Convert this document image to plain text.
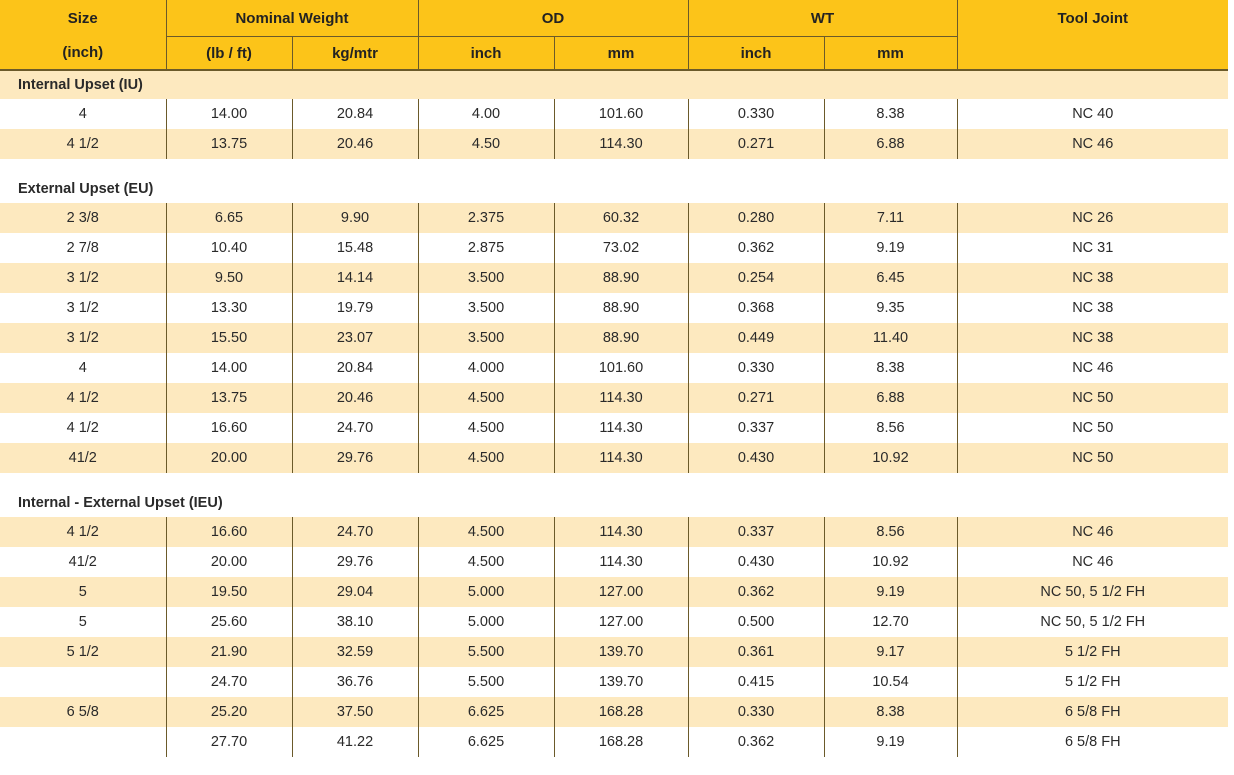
Size	Nominal Weight		OD		WT		Tool Joint
(inch)	(lb / ft)	kg/mtr	inch	mm	inch	mm	
Internal Upset (IU)							
4	14.00	20.84	4.00	101.60	0.330	8.38	NC 40
4 1/2	13.75	20.46	4.50	114.30	0.271	6.88	NC 46

External Upset (EU)							
2 3/8	6.65	9.90	2.375	60.32	0.280	7.11	NC 26
2 7/8	10.40	15.48	2.875	73.02	0.362	9.19	NC 31
3 1/2	9.50	14.14	3.500	88.90	0.254	6.45	NC 38
3 1/2	13.30	19.79	3.500	88.90	0.368	9.35	NC 38
3 1/2	15.50	23.07	3.500	88.90	0.449	11.40	NC 38
4	14.00	20.84	4.000	101.60	0.330	8.38	NC 46
4 1/2	13.75	20.46	4.500	114.30	0.271	6.88	NC 50
4 1/2	16.60	24.70	4.500	114.30	0.337	8.56	NC 50
41/2	20.00	29.76	4.500	114.30	0.430	10.92	NC 50

Internal - External Upset (IEU)							
4 1/2	16.60	24.70	4.500	114.30	0.337	8.56	NC 46
41/2	20.00	29.76	4.500	114.30	0.430	10.92	NC 46
5	19.50	29.04	5.000	127.00	0.362	9.19	NC 50, 5 1/2 FH
5	25.60	38.10	5.000	127.00	0.500	12.70	NC 50, 5 1/2 FH
5 1/2	21.90	32.59	5.500	139.70	0.361	9.17	5 1/2 FH
	24.70	36.76	5.500	139.70	0.415	10.54	5 1/2 FH
6 5/8	25.20	37.50	6.625	168.28	0.330	8.38	6 5/8 FH
	27.70	41.22	6.625	168.28	0.362	9.19	6 5/8 FH
